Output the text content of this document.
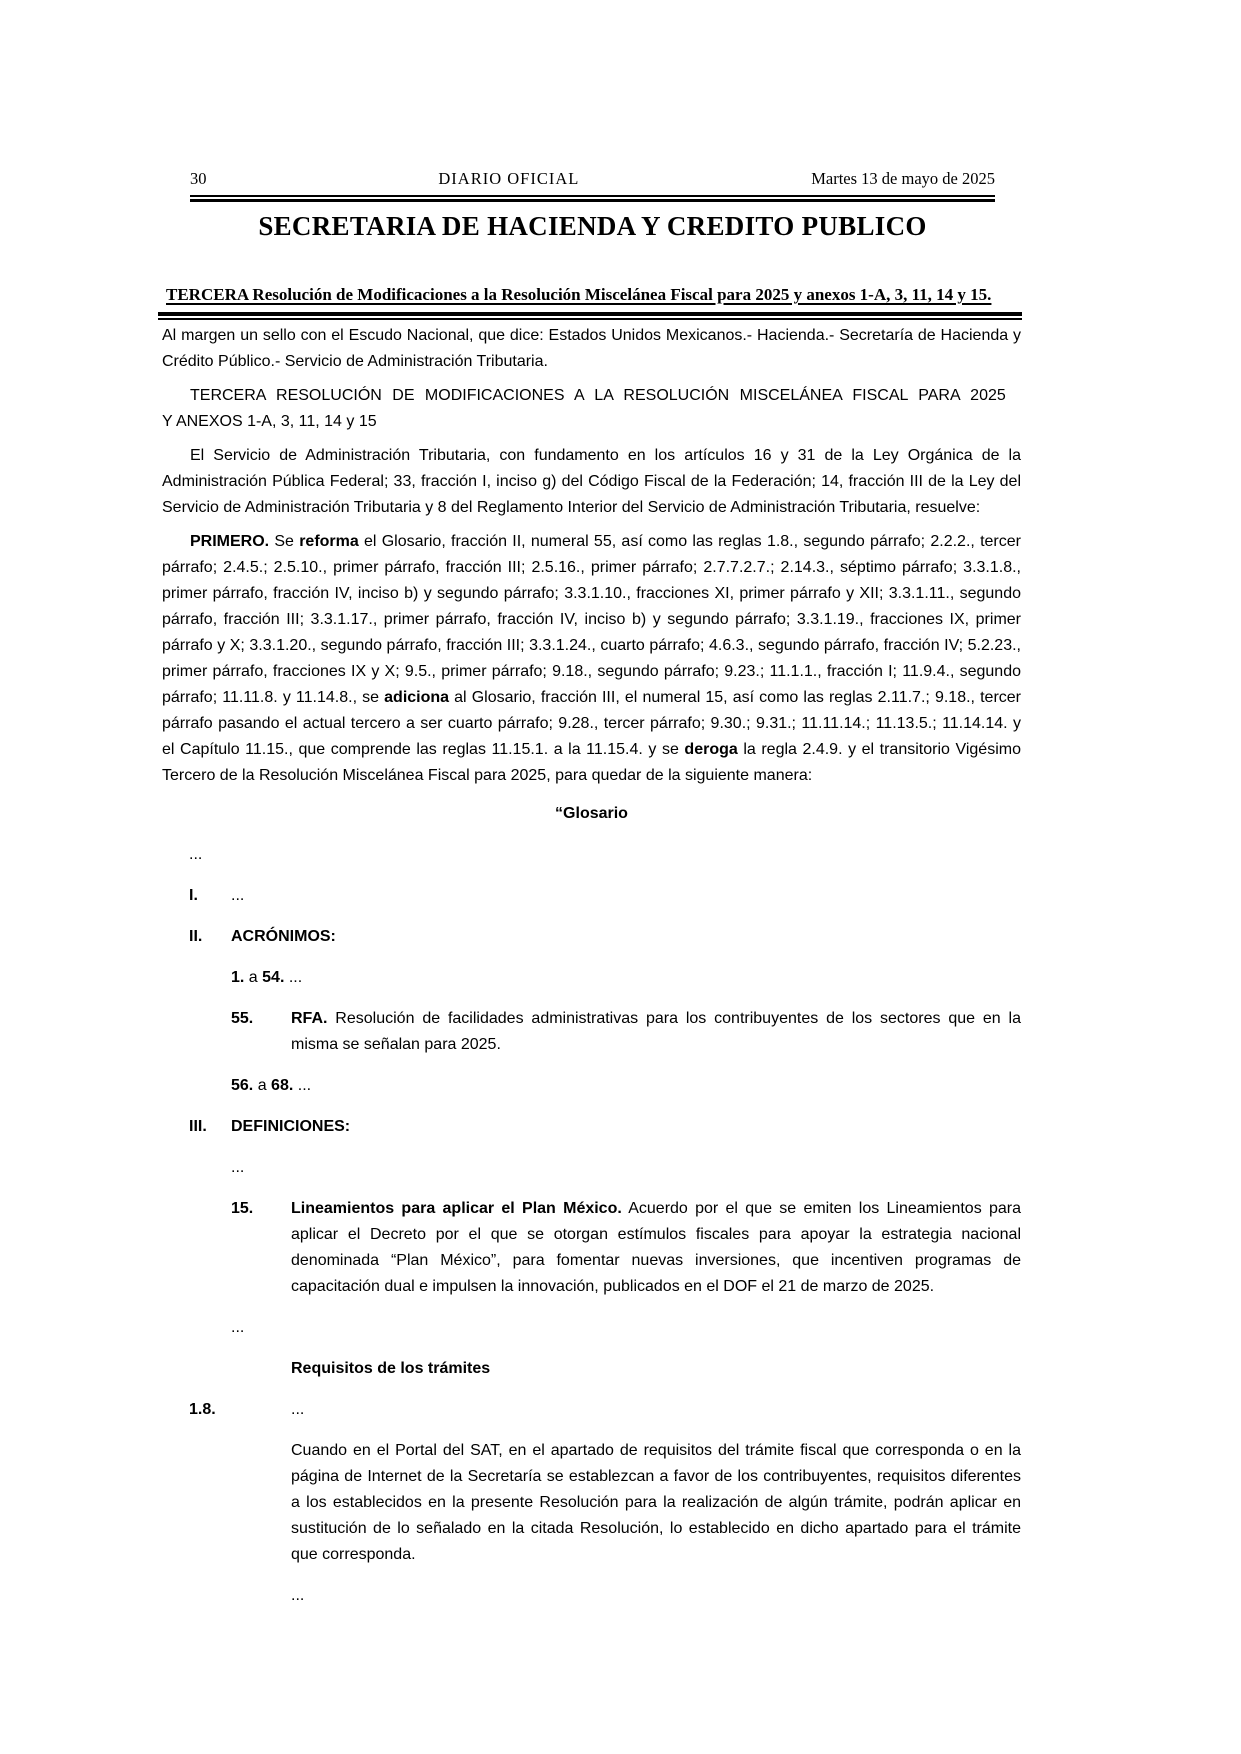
30	DIARIO OFICIAL	Martes 13 de mayo de 2025
SECRETARIA DE HACIENDA Y CREDITO PUBLICO
TERCERA Resolución de Modificaciones a la Resolución Miscelánea Fiscal para 2025 y anexos 1-A, 3, 11, 14 y 15.

Al margen un sello con el Escudo Nacional, que dice: Estados Unidos Mexicanos.- Hacienda.- Secretaría de Hacienda y Crédito Público.- Servicio de Administración Tributaria.

TERCERA RESOLUCIÓN DE MODIFICACIONES A LA RESOLUCIÓN MISCELÁNEA FISCAL PARA 2025
Y ANEXOS 1-A, 3, 11, 14 y 15

El Servicio de Administración Tributaria, con fundamento en los artículos 16 y 31 de la Ley Orgánica de la Administración Pública Federal; 33, fracción I, inciso g) del Código Fiscal de la Federación; 14, fracción III de la Ley del Servicio de Administración Tributaria y 8 del Reglamento Interior del Servicio de Administración Tributaria, resuelve:

PRIMERO. Se reforma el Glosario, fracción II, numeral 55, así como las reglas 1.8., segundo párrafo; 2.2.2., tercer párrafo; 2.4.5.; 2.5.10., primer párrafo, fracción III; 2.5.16., primer párrafo; 2.7.7.2.7.; 2.14.3., séptimo párrafo; 3.3.1.8., primer párrafo, fracción IV, inciso b) y segundo párrafo; 3.3.1.10., fracciones XI, primer párrafo y XII; 3.3.1.11., segundo párrafo, fracción III; 3.3.1.17., primer párrafo, fracción IV, inciso b) y segundo párrafo; 3.3.1.19., fracciones IX, primer párrafo y X; 3.3.1.20., segundo párrafo, fracción III; 3.3.1.24., cuarto párrafo; 4.6.3., segundo párrafo, fracción IV; 5.2.23., primer párrafo, fracciones IX y X; 9.5., primer párrafo; 9.18., segundo párrafo; 9.23.; 11.1.1., fracción I; 11.9.4., segundo párrafo; 11.11.8. y 11.14.8., se adiciona al Glosario, fracción III, el numeral 15, así como las reglas 2.11.7.; 9.18., tercer párrafo pasando el actual tercero a ser cuarto párrafo; 9.28., tercer párrafo; 9.30.; 9.31.; 11.11.14.; 11.13.5.; 11.14.14. y el Capítulo 11.15., que comprende las reglas 11.15.1. a la 11.15.4. y se deroga la regla 2.4.9. y el transitorio Vigésimo Tercero de la Resolución Miscelánea Fiscal para 2025, para quedar de la siguiente manera:

“Glosario
...
I.	...
II.	ACRÓNIMOS:
1. a 54. ...
55.	RFA. Resolución de facilidades administrativas para los contribuyentes de los sectores que en la misma se señalan para 2025.
56. a 68. ...
III.	DEFINICIONES:
...
15.	Lineamientos para aplicar el Plan México. Acuerdo por el que se emiten los Lineamientos para aplicar el Decreto por el que se otorgan estímulos fiscales para apoyar la estrategia nacional denominada “Plan México”, para fomentar nuevas inversiones, que incentiven programas de capacitación dual e impulsen la innovación, publicados en el DOF el 21 de marzo de 2025.
...
Requisitos de los trámites
1.8.	...
Cuando en el Portal del SAT, en el apartado de requisitos del trámite fiscal que corresponda o en la página de Internet de la Secretaría se establezcan a favor de los contribuyentes, requisitos diferentes a los establecidos en la presente Resolución para la realización de algún trámite, podrán aplicar en sustitución de lo señalado en la citada Resolución, lo establecido en dicho apartado para el trámite que corresponda.
...
